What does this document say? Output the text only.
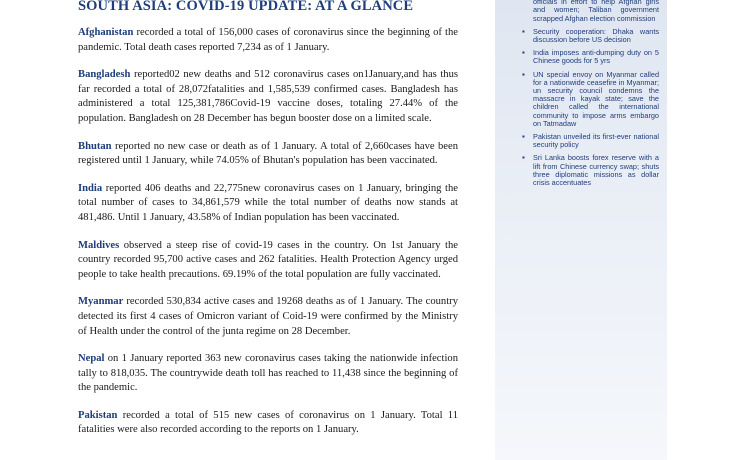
SOUTH ASIA: COVID-19 UPDATE: AT A GLANCE

Afghanistan recorded a total of 156,000 cases of coronavirus since the beginning of the pandemic. Total death cases reported 7,234 as of 1 January.

Bangladesh reported02 new deaths and 512 coronavirus cases on1January,and has thus far recorded a total of 28,072fatalities and 1,585,539 confirmed cases. Bangladesh has administered a total 125,381,786Covid-19 vaccine doses, totaling 27.44% of the population. Bangladesh on 28 December has begun booster dose on a limited scale.

Bhutan reported no new case or death as of 1 January. A total of 2,660cases have been registered until 1 January, while 74.05% of Bhutan's population has been vaccinated.

India reported 406 deaths and 22,775new coronavirus cases on 1 January, bringing the total number of cases to 34,861,579 while the total number of deaths now stands at 481,486. Until 1 January, 43.58% of Indian population has been vaccinated.

Maldives observed a steep rise of covid-19 cases in the country. On 1st January the country recorded 95,700 active cases and 262 fatalities. Health Protection Agency urged people to take health precautions. 69.19% of the total population are fully vaccinated.

Myanmar recorded 530,834 active cases and 19268 deaths as of 1 January. The country detected its first 4 cases of Omicron variant of Coid-19 were confirmed by the Ministry of Health under the control of the junta regime on 28 December.

Nepal on 1 January reported 363 new coronavirus cases taking the nationwide infection tally to 818,035. The countrywide death toll has reached to 11,438 since the beginning of the pandemic.

Pakistan recorded a total of 515 new cases of coronavirus on 1 January. Total 11 fatalities were also recorded according to the reports on 1 January.

officials in effort to help Afghan girls and women; Taliban government scrapped Afghan election commission
▪ Security cooperation: Dhaka wants discussion before US decision
▪ India imposes anti-dumping duty on 5 Chinese goods for 5 yrs
▪ UN special envoy on Myanmar called for a nationwide ceasefire in Myanmar; un security council condemns the massacre in kayak state; save the children called the international community to impose arms embargo on Tatmadaw
▪ Pakistan unveiled its first-ever national security policy
▪ Sri Lanka boosts forex reserve with a lift from Chinese currency swap; shuts three diplomatic missions as dollar crisis accentuates
